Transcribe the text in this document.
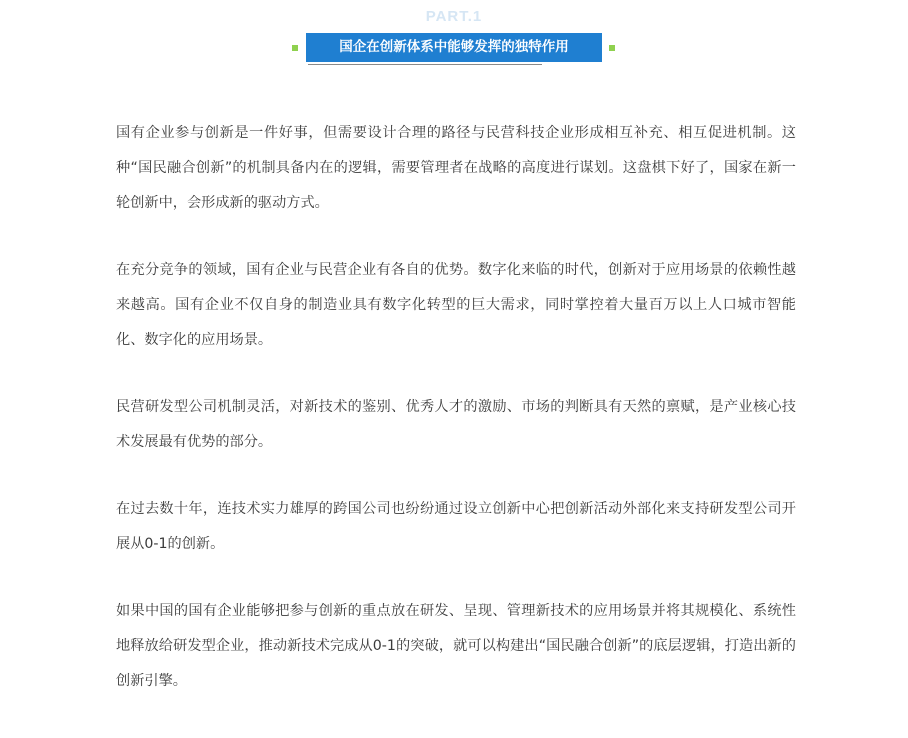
PART.1
国企在创新体系中能够发挥的独特作用

国有企业参与创新是一件好事，但需要设计合理的路径与民营科技企业形成相互补充、相互促进机制。这种“国民融合创新”的机制具备内在的逻辑，需要管理者在战略的高度进行谋划。这盘棋下好了，国家在新一轮创新中，会形成新的驱动方式。

在充分竞争的领域，国有企业与民营企业有各自的优势。数字化来临的时代，创新对于应用场景的依赖性越来越高。国有企业不仅自身的制造业具有数字化转型的巨大需求，同时掌控着大量百万以上人口城市智能化、数字化的应用场景。

民营研发型公司机制灵活，对新技术的鉴别、优秀人才的激励、市场的判断具有天然的禀赋，是产业核心技术发展最有优势的部分。

在过去数十年，连技术实力雄厚的跨国公司也纷纷通过设立创新中心把创新活动外部化来支持研发型公司开展从0-1的创新。

如果中国的国有企业能够把参与创新的重点放在研发、呈现、管理新技术的应用场景并将其规模化、系统性地释放给研发型企业，推动新技术完成从0-1的突破，就可以构建出“国民融合创新”的底层逻辑，打造出新的创新引擎。
